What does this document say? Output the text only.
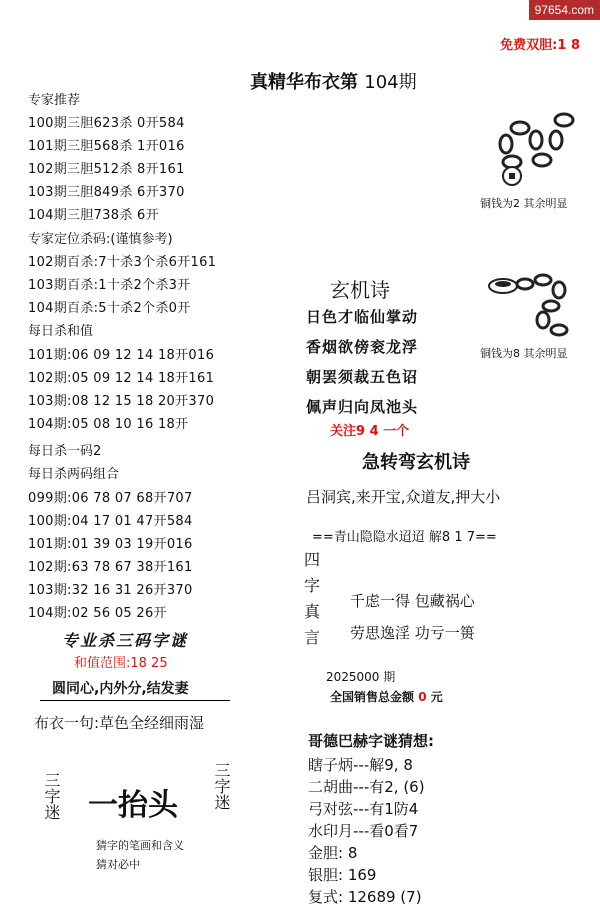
97654.com
免费双胆:1 8
真精华布衣第 104期
专家推荐
100期三胆623杀 0开584
101期三胆568杀 1开016
102期三胆512杀 8开161
103期三胆849杀 6开370
104期三胆738杀 6开
专家定位杀码:(谨慎参考)
102期百杀:7十杀3个杀6开161
103期百杀:1十杀2个杀3开
104期百杀:5十杀2个杀0开
每日杀和值
101期:06 09 12 14 18开016
102期:05 09 12 14 18开161
103期:08 12 15 18 20开370
104期:05 08 10 16 18开
每日杀一码2
每日杀两码组合
099期:06 78 07 68开707
100期:04 17 01 47开584
101期:01 39 03 19开016
102期:63 78 67 38开161
103期:32 16 31 26开370
104期:02 56 05 26开
专业杀三码字谜
和值范围:18 25
圆同心,内外分,结发妻
布衣一句:草色全经细雨湿
三字迷 一抬头 三字迷
猜字的笔画和含义
猜对必中
铜钱为2 其余明显
铜钱为8 其余明显
玄机诗
日色才临仙掌动
香烟欲傍衮龙浮
朝罢须裁五色诏
佩声归向凤池头
关注9 4 一个
急转弯玄机诗
吕洞宾,来开宝,众道友,押大小
==青山隐隐水迢迢 解8 1 7==
四字真言
千虑一得 包藏祸心
劳思逸淫 功亏一篑
2025000 期
全国销售总金额 0 元
哥德巴赫字谜猜想:
瞎子炳---解9, 8
二胡曲---有2, (6)
弓对弦---有1防4
水印月---看0看7
金胆: 8
银胆: 169
复式: 12689 (7)
